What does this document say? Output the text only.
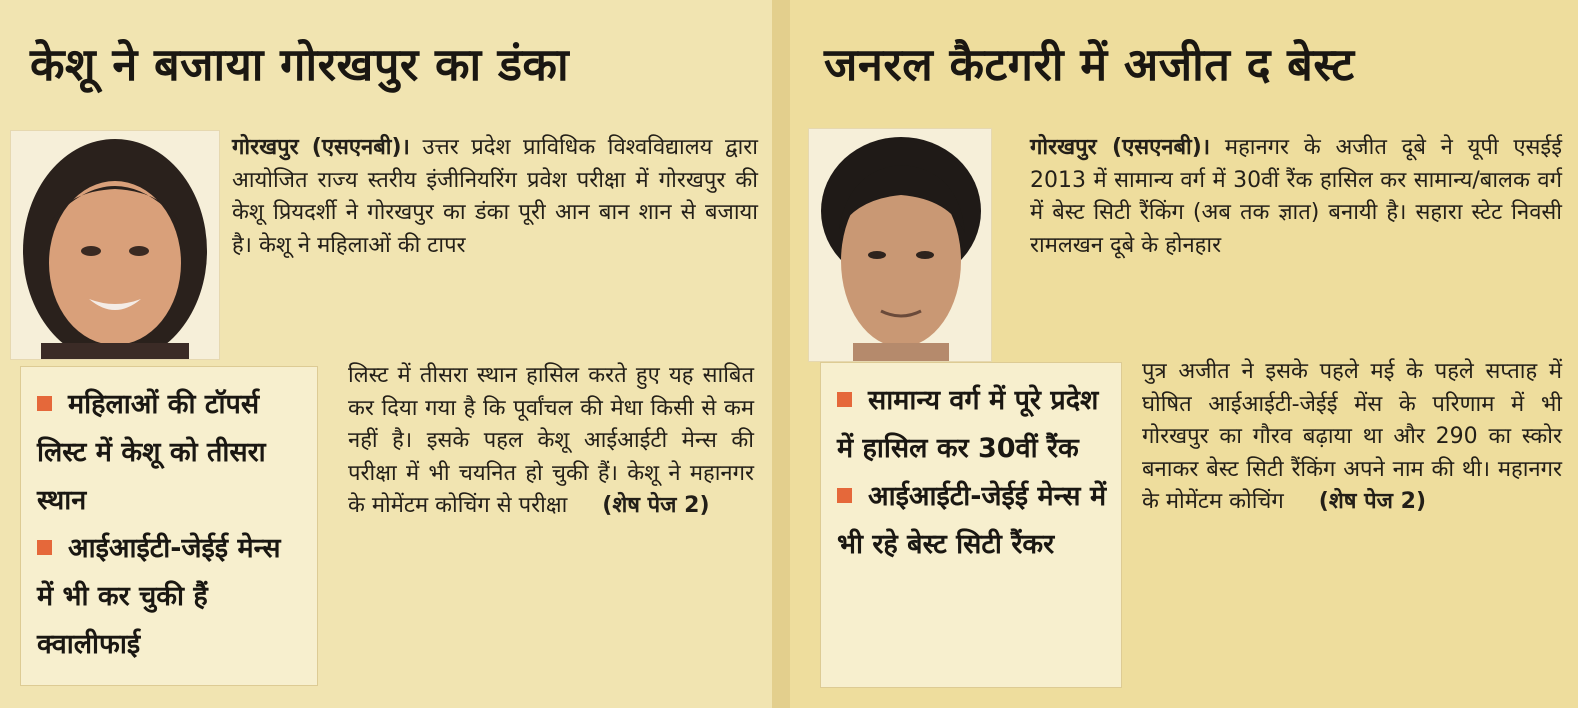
केशू ने बजाया गोरखपुर का डंका

गोरखपुर (एसएनबी)। उत्तर प्रदेश प्राविधिक विश्वविद्यालय द्वारा आयोजित राज्य स्तरीय इंजीनियरिंग प्रवेश परीक्षा में गोरखपुर की केशू प्रियदर्शी ने गोरखपुर का डंका पूरी आन बान शान से बजाया है। केशू ने महिलाओं की टापर

महिलाओं की टॉपर्स लिस्ट में केशू को तीसरा स्थान

आईआईटी-जेईई मेन्स में भी कर चुकी हैं क्वालीफाई

लिस्ट में तीसरा स्थान हासिल करते हुए यह साबित कर दिया गया है कि पूर्वांचल की मेधा किसी से कम नहीं है। इसके पहल केशू आईआईटी मेन्स की परीक्षा में भी चयनित हो चुकी हैं। केशू ने महानगर के मोमेंटम कोचिंग से परीक्षा (शेष पेज 2)

जनरल कैटगरी में अजीत द बेस्ट

गोरखपुर (एसएनबी)। महानगर के अजीत दूबे ने यूपी एसईई 2013 में सामान्य वर्ग में 30वीं रैंक हासिल कर सामान्य/बालक वर्ग में बेस्ट सिटी रैंकिंग (अब तक ज्ञात) बनायी है। सहारा स्टेट निवसी रामलखन दूबे के होनहार

सामान्य वर्ग में पूरे प्रदेश में हासिल कर 30वीं रैंक

आईआईटी-जेईई मेन्स में भी रहे बेस्ट सिटी रैंकर

पुत्र अजीत ने इसके पहले मई के पहले सप्ताह में घोषित आईआईटी-जेईई मेंस के परिणाम में भी गोरखपुर का गौरव बढ़ाया था और 290 का स्कोर बनाकर बेस्ट सिटी रैंकिंग अपने नाम की थी। महानगर के मोमेंटम कोचिंग (शेष पेज 2)
